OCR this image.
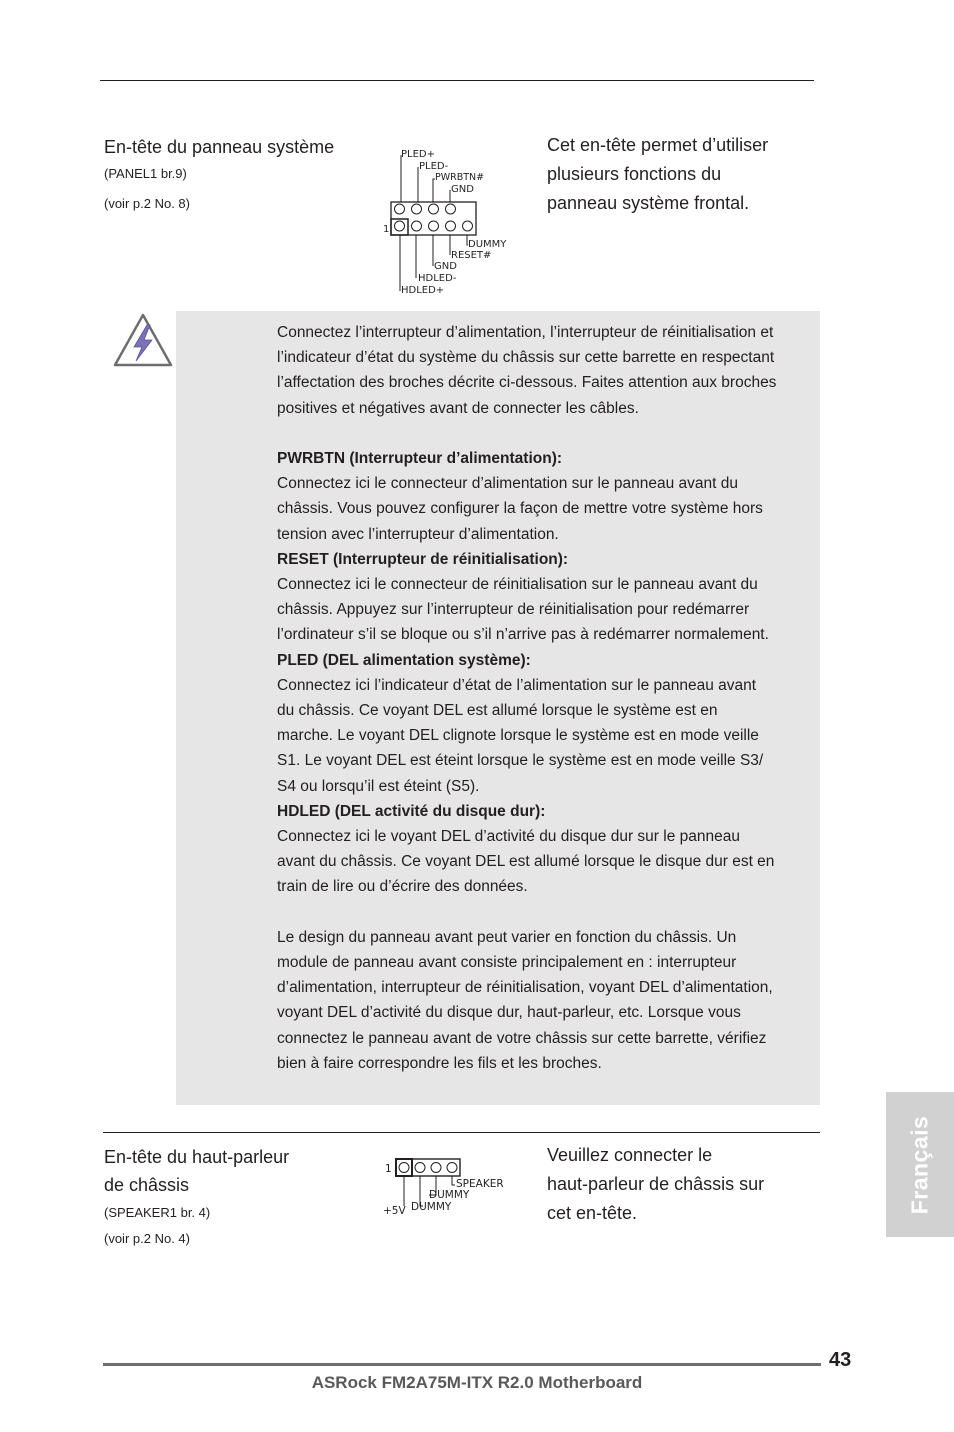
En-tête du panneau système
(PANEL1 br.9)
(voir p.2 No. 8)
PLED+
PLED-
PWRBTN#
GND
1
DUMMY
RESET#
GND
HDLED-
HDLED+
Cet en-tête permet d’utiliser
plusieurs fonctions du
panneau système frontal.

Connectez l’interrupteur d’alimentation, l’interrupteur de réinitialisation et

l’indicateur d’état du système du châssis sur cette barrette en respectant

l’affectation des broches décrite ci-dessous. Faites attention aux broches

positives et négatives avant de connecter les câbles.

PWRBTN (Interrupteur d’alimentation):

Connectez ici le connecteur d’alimentation sur le panneau avant du

châssis. Vous pouvez configurer la façon de mettre votre système hors

tension avec l’interrupteur d’alimentation.

RESET (Interrupteur de réinitialisation):

Connectez ici le connecteur de réinitialisation sur le panneau avant du

châssis. Appuyez sur l’interrupteur de réinitialisation pour redémarrer

l’ordinateur s’il se bloque ou s’il n’arrive pas à redémarrer normalement.

PLED (DEL alimentation système):

Connectez ici l’indicateur d’état de l’alimentation sur le panneau avant

du châssis. Ce voyant DEL est allumé lorsque le système est en

marche. Le voyant DEL clignote lorsque le système est en mode veille

S1. Le voyant DEL est éteint lorsque le système est en mode veille S3/

S4 ou lorsqu’il est éteint (S5).

HDLED (DEL activité du disque dur):

Connectez ici le voyant DEL d’activité du disque dur sur le panneau

avant du châssis. Ce voyant DEL est allumé lorsque le disque dur est en

train de lire ou d’écrire des données.

Le design du panneau avant peut varier en fonction du châssis. Un

module de panneau avant consiste principalement en : interrupteur

d’alimentation, interrupteur de réinitialisation, voyant DEL d’alimentation,

voyant DEL d’activité du disque dur, haut-parleur, etc. Lorsque vous

connectez le panneau avant de votre châssis sur cette barrette, vérifiez

bien à faire correspondre les fils et les broches.

En-tête du haut-parleur
de châssis
(SPEAKER1 br. 4)
(voir p.2 No. 4)
1
SPEAKER
DUMMY
+5V DUMMY
Veuillez connecter le
haut-parleur de châssis sur
cet en-tête.	Français
43
ASRock FM2A75M-ITX R2.0 Motherboard
